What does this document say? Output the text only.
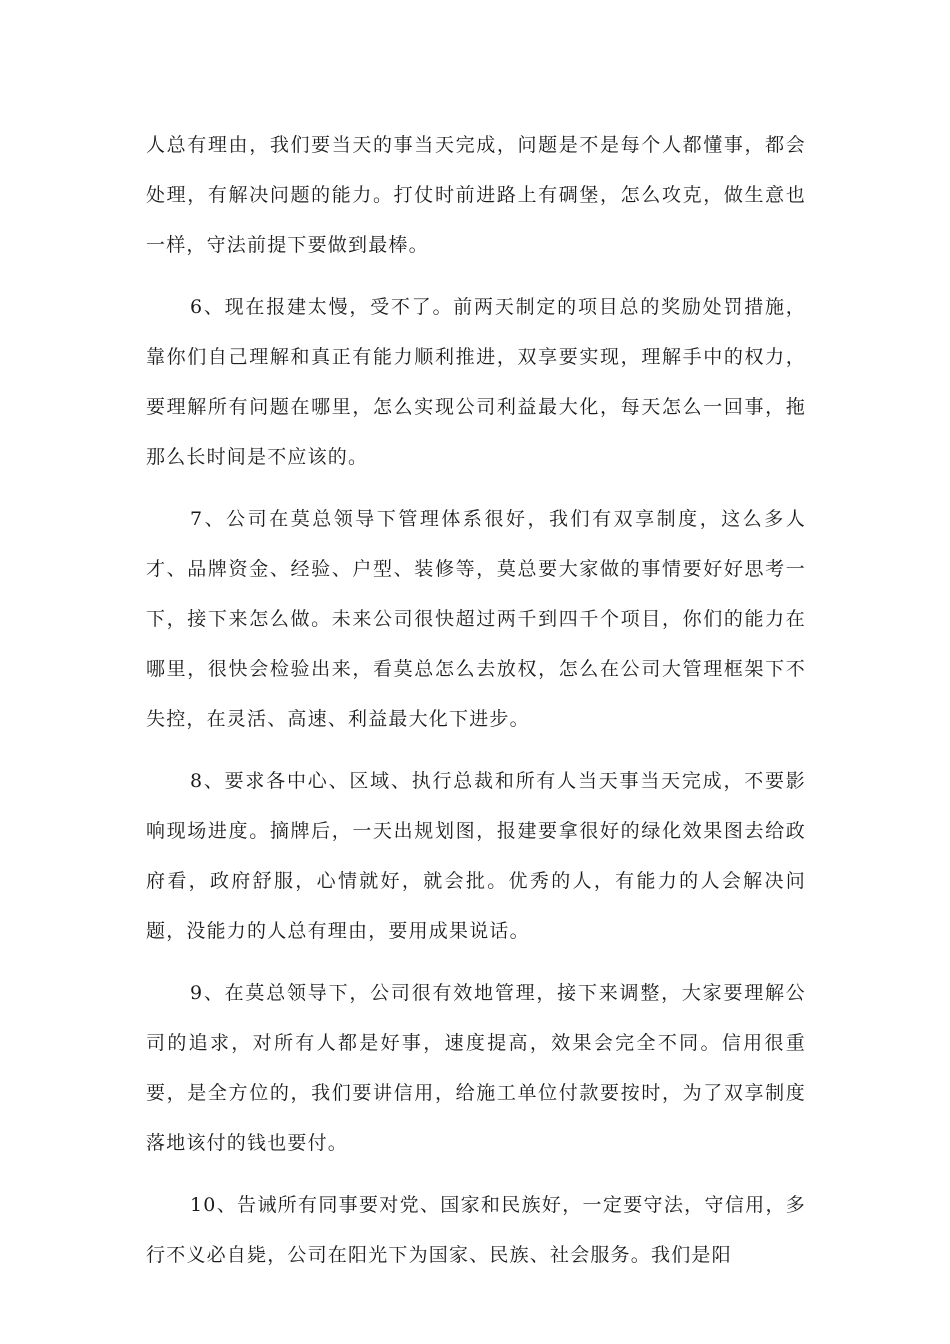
人总有理由，我们要当天的事当天完成，问题是不是每个人都懂事，都会处理，有解决问题的能力。打仗时前进路上有碉堡，怎么攻克，做生意也一样，守法前提下要做到最棒。

6、现在报建太慢，受不了。前两天制定的项目总的奖励处罚措施，靠你们自己理解和真正有能力顺利推进，双享要实现，理解手中的权力，要理解所有问题在哪里，怎么实现公司利益最大化，每天怎么一回事，拖那么长时间是不应该的。

7、公司在莫总领导下管理体系很好，我们有双享制度，这么多人才、品牌资金、经验、户型、装修等，莫总要大家做的事情要好好思考一下，接下来怎么做。未来公司很快超过两千到四千个项目，你们的能力在哪里，很快会检验出来，看莫总怎么去放权，怎么在公司大管理框架下不失控，在灵活、高速、利益最大化下进步。

8、要求各中心、区域、执行总裁和所有人当天事当天完成，不要影响现场进度。摘牌后，一天出规划图，报建要拿很好的绿化效果图去给政府看，政府舒服，心情就好，就会批。优秀的人，有能力的人会解决问题，没能力的人总有理由，要用成果说话。

9、在莫总领导下，公司很有效地管理，接下来调整，大家要理解公司的追求，对所有人都是好事，速度提高，效果会完全不同。信用很重要，是全方位的，我们要讲信用，给施工单位付款要按时，为了双享制度落地该付的钱也要付。

10、告诫所有同事要对党、国家和民族好，一定要守法，守信用，多行不义必自毙，公司在阳光下为国家、民族、社会服务。我们是阳
